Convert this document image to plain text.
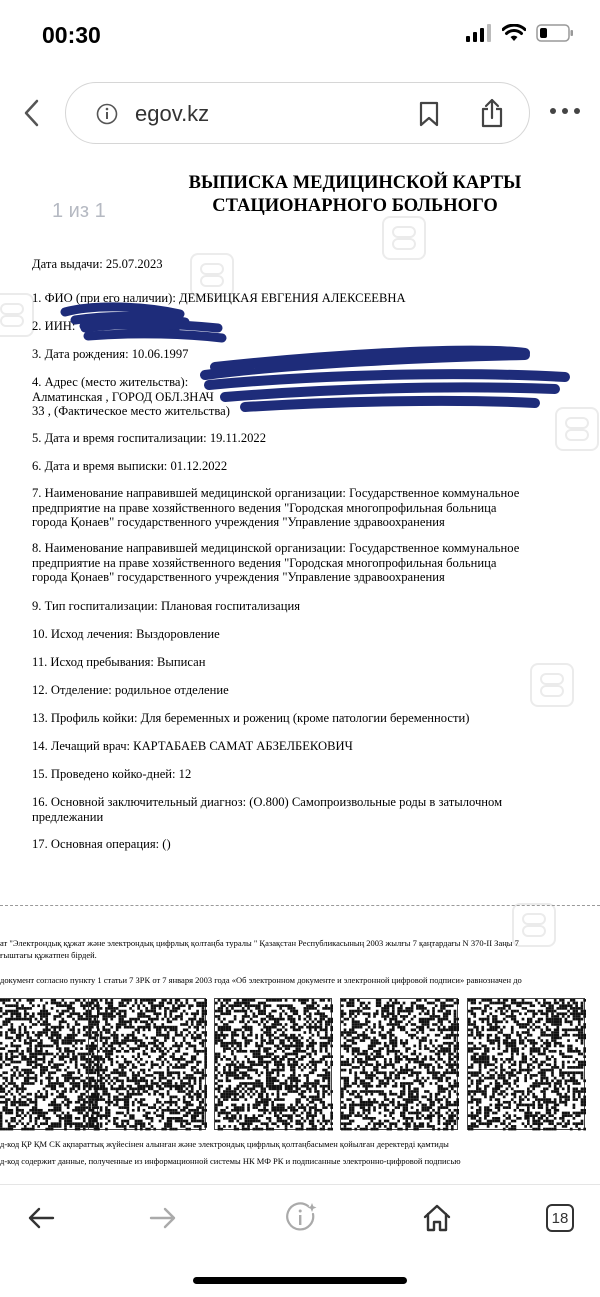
00:30
egov.kz
ВЫПИСКА МЕДИЦИНСКОЙ КАРТЫ
СТАЦИОНАРНОГО БОЛЬНОГО
1 из 1
Дата выдачи: 25.07.2023
1. ФИО (при его наличии): ДЕМБИЦКАЯ ЕВГЕНИЯ АЛЕКСЕЕВНА
2. ИИН:
3. Дата рождения: 10.06.1997
4. Адрес (место жительства):
Алматинская , ГОРОД ОБЛ.ЗНАЧ
33 , (Фактическое место жительства)
5. Дата и время госпитализации: 19.11.2022
6. Дата и время выписки: 01.12.2022
7. Наименование направившей медицинской организации: Государственное коммунальное
предприятие на праве хозяйственного ведения "Городская многопрофильная больница
города Қонаев" государственного учреждения "Управление здравоохранения
8. Наименование направившей медицинской организации: Государственное коммунальное
предприятие на праве хозяйственного ведения "Городская многопрофильная больница
города Қонаев" государственного учреждения "Управление здравоохранения
9. Тип госпитализации: Плановая госпитализация
10. Исход лечения: Выздоровление
11. Исход пребывания: Выписан
12. Отделение: родильное отделение
13. Профиль койки: Для беременных и рожениц (кроме патологии беременности)
14. Лечащий врач: КАРТАБАЕВ САМАТ АБЗЕЛБЕКОВИЧ
15. Проведено койко-дней: 12
16. Основной заключительный диагноз: (O.800) Самопроизвольные роды в затылочном
предлежании
17. Основная операция: ()
ат "Электрондық құжат және электрондық цифрлық қолтаңба туралы " Қазақстан Республикасының 2003 жылғы 7 қаңтардағы N 370-II Заңы 7
ғыштағы құжатпен бірдей.
документ согласно пункту 1 статьи 7 ЗРК от 7 января 2003 года «Об электронном документе и электронной цифровой подписи» равнозначен до
д-код ҚР ҚМ СК ақпараттық жүйесінен алынған және электрондық цифрлық қолтаңбасымен қойылған деректерді қамтиды
д-код содержит данные, полученные из информационной системы НК МФ РК и подписанные электронно-цифровой подписью
18
